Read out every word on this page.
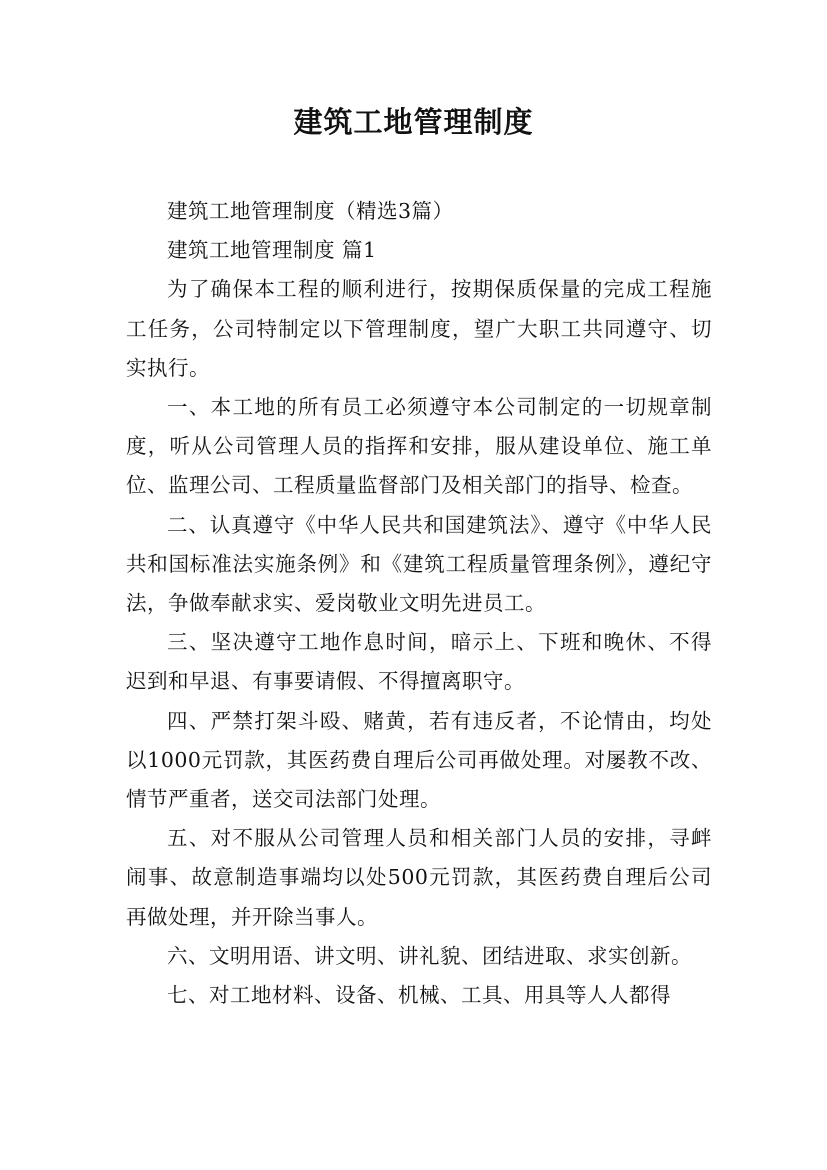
建筑工地管理制度

建筑工地管理制度（精选3篇）

建筑工地管理制度 篇1

为了确保本工程的顺利进行，按期保质保量的完成工程施工任务，公司特制定以下管理制度，望广大职工共同遵守、切实执行。

一、本工地的所有员工必须遵守本公司制定的一切规章制度，听从公司管理人员的指挥和安排，服从建设单位、施工单位、监理公司、工程质量监督部门及相关部门的指导、检查。

二、认真遵守《中华人民共和国建筑法》、遵守《中华人民共和国标准法实施条例》和《建筑工程质量管理条例》，遵纪守法，争做奉献求实、爱岗敬业文明先进员工。

三、坚决遵守工地作息时间，暗示上、下班和晚休、不得迟到和早退、有事要请假、不得擅离职守。

四、严禁打架斗殴、赌黄，若有违反者，不论情由，均处以1000元罚款，其医药费自理后公司再做处理。对屡教不改、情节严重者，送交司法部门处理。

五、对不服从公司管理人员和相关部门人员的安排，寻衅闹事、故意制造事端均以处500元罚款，其医药费自理后公司再做处理，并开除当事人。

六、文明用语、讲文明、讲礼貌、团结进取、求实创新。

七、对工地材料、设备、机械、工具、用具等人人都得
